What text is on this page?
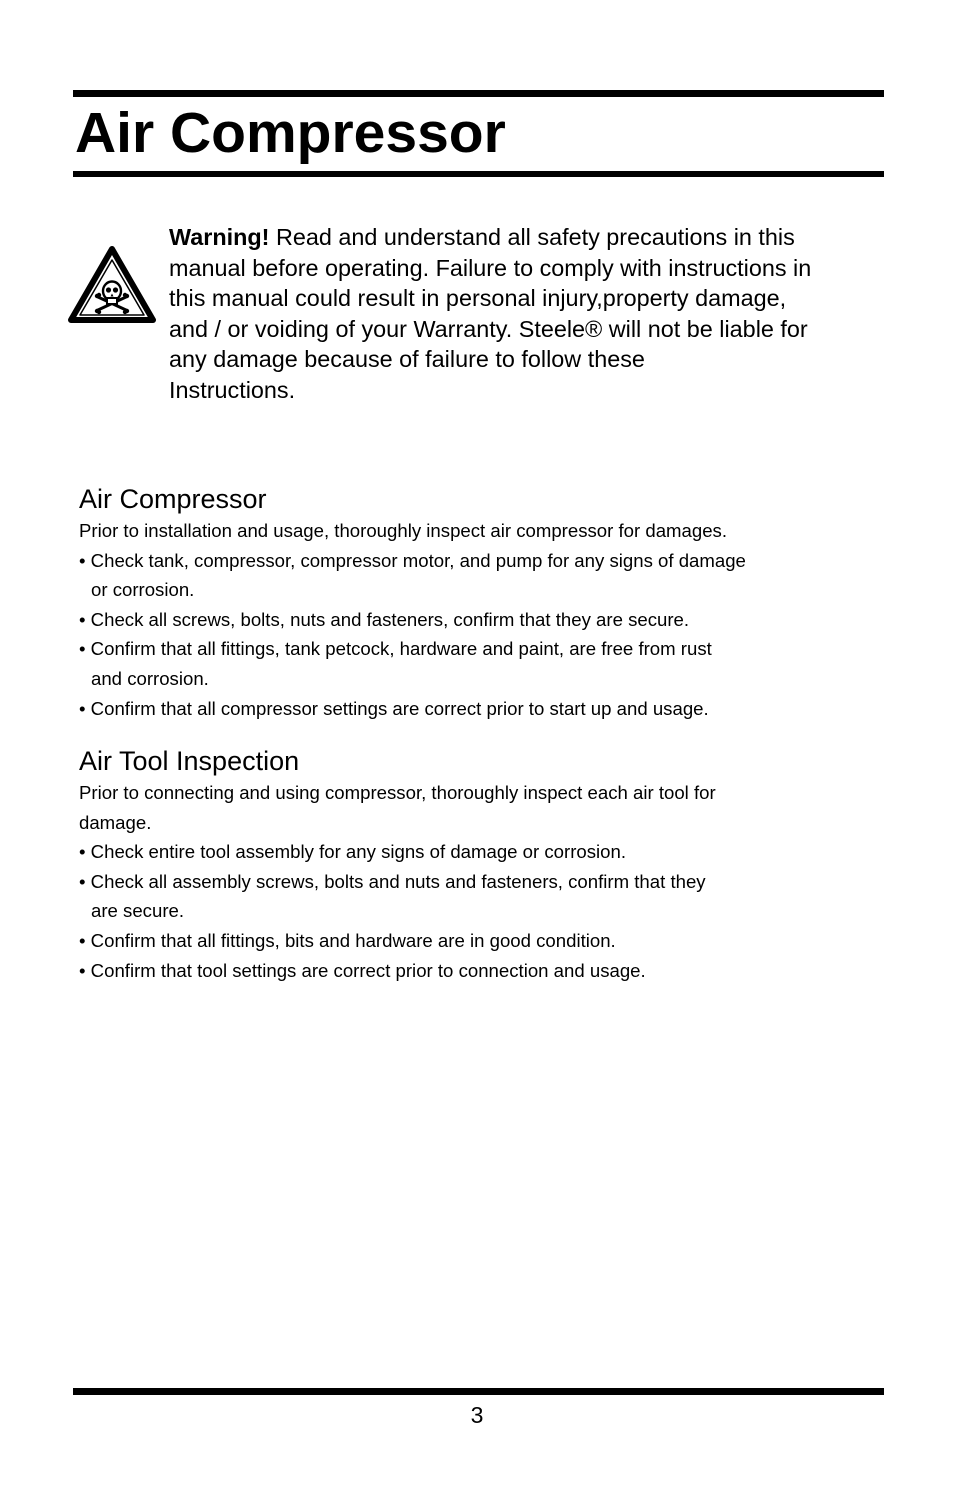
Air Compressor

Warning! Read and understand all safety precautions in this
manual before operating. Failure to comply with instructions in
this manual could result in personal injury,property damage,
and / or voiding of your Warranty. Steele® will not be liable for
any damage because of failure to follow these
Instructions.

Air Compressor

Prior to installation and usage, thoroughly inspect air compressor for damages.

• Check tank, compressor, compressor motor, and pump for any signs of damage
or corrosion.
• Check all screws, bolts, nuts and fasteners, confirm that they are secure.
• Confirm that all fittings, tank petcock, hardware and paint, are free from rust
and corrosion.
• Confirm that all compressor settings are correct prior to start up and usage.
Air Tool Inspection

Prior to connecting and using compressor, thoroughly inspect each air tool for
damage.

• Check entire tool assembly for any signs of damage or corrosion.
• Check all assembly screws, bolts and nuts and fasteners, confirm that they
are secure.
• Confirm that all fittings, bits and hardware are in good condition.
• Confirm that tool settings are correct prior to connection and usage.
3
